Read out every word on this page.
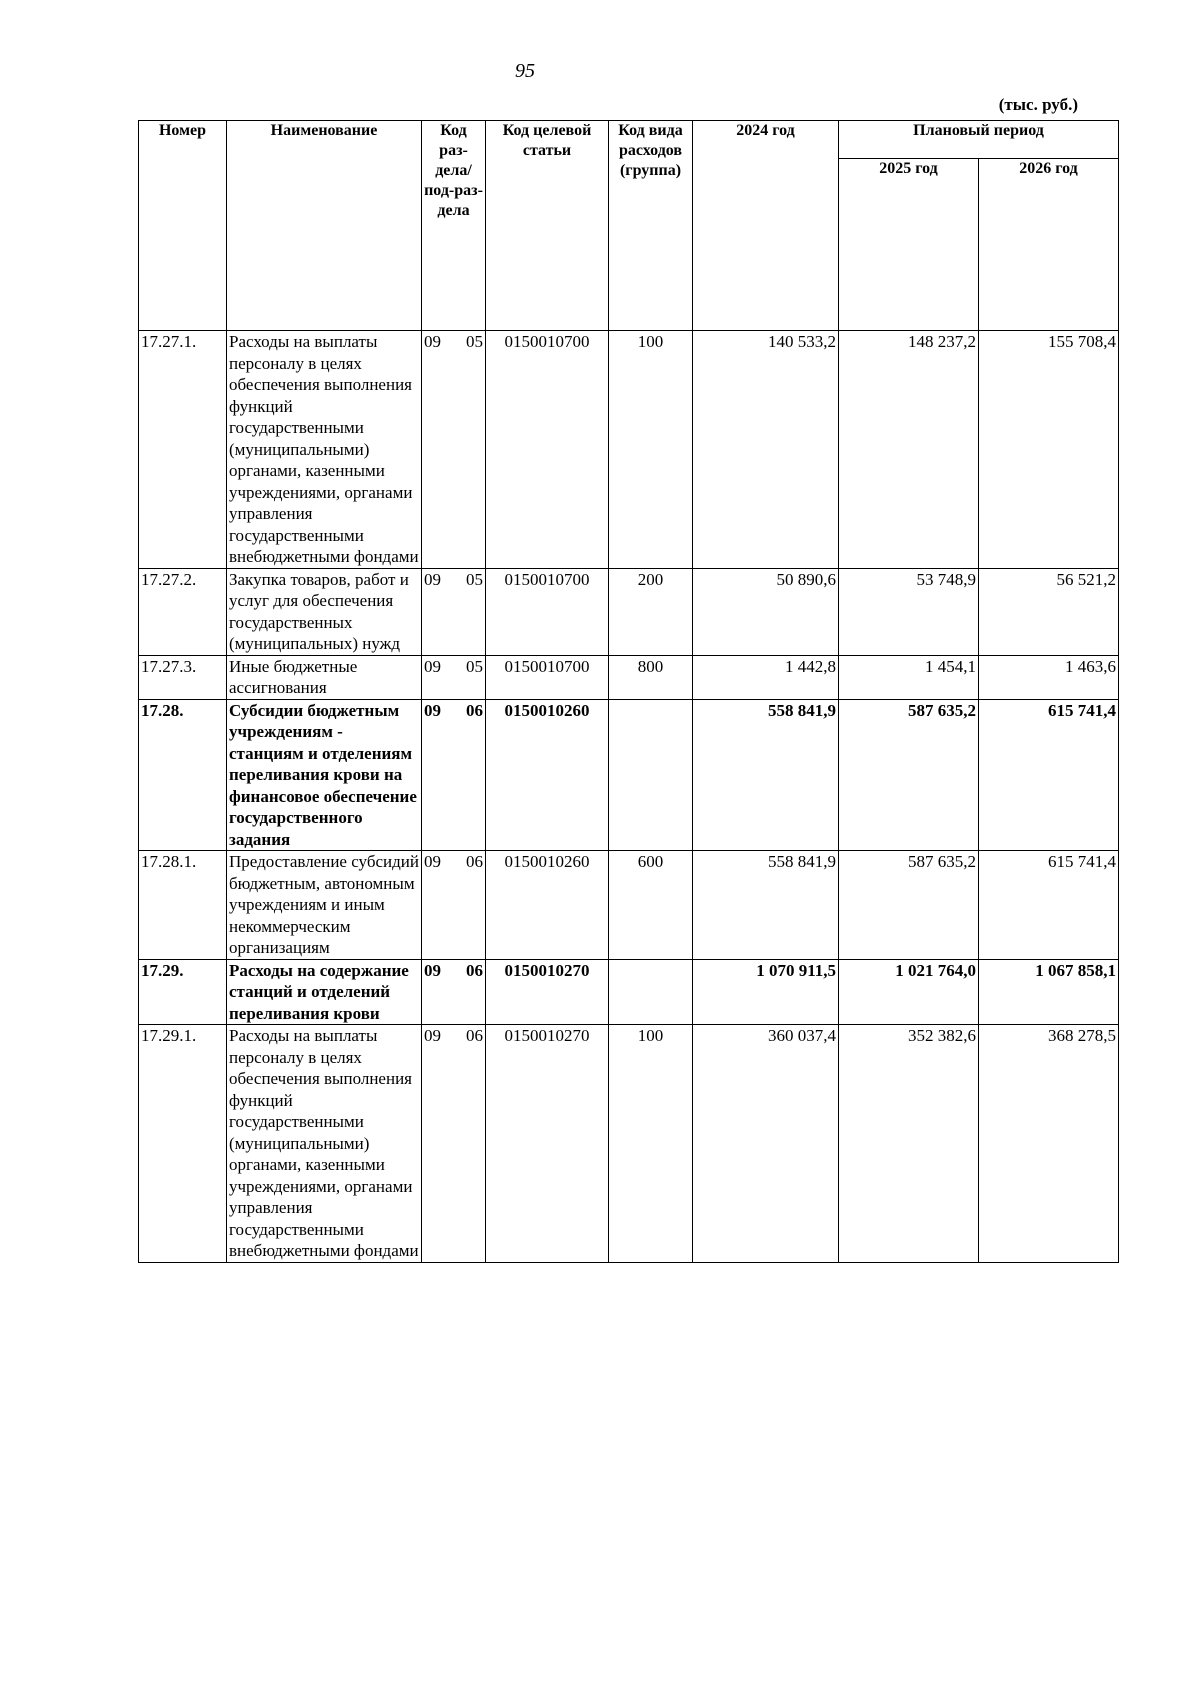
95
(тыс. руб.)
Номер	Наименование	Код раз-дела/ под-раз-дела	Код целевой статьи	Код вида расходов (группа)	2024 год	Плановый период	
						2025 год	2026 год
17.27.1.	Расходы на выплаты персоналу в целях обеспечения выполнения функций государственными (муниципальными) органами, казенными учреждениями, органами управления государственными внебюджетными фондами	09 05	0150010700	100	140 533,2	148 237,2	155 708,4
17.27.2.	Закупка товаров, работ и услуг для обеспечения государственных (муниципальных) нужд	09 05	0150010700	200	50 890,6	53 748,9	56 521,2
17.27.3.	Иные бюджетные ассигнования	09 05	0150010700	800	1 442,8	1 454,1	1 463,6
17.28.	Субсидии бюджетным учреждениям - станциям и отделениям переливания крови на финансовое обеспечение государственного задания	09 06	0150010260		558 841,9	587 635,2	615 741,4
17.28.1.	Предоставление субсидий бюджетным, автономным учреждениям и иным некоммерческим организациям	09 06	0150010260	600	558 841,9	587 635,2	615 741,4
17.29.	Расходы на содержание станций и отделений переливания крови	09 06	0150010270		1 070 911,5	1 021 764,0	1 067 858,1
17.29.1.	Расходы на выплаты персоналу в целях обеспечения выполнения функций государственными (муниципальными) органами, казенными учреждениями, органами управления государственными внебюджетными фондами	09 06	0150010270	100	360 037,4	352 382,6	368 278,5
